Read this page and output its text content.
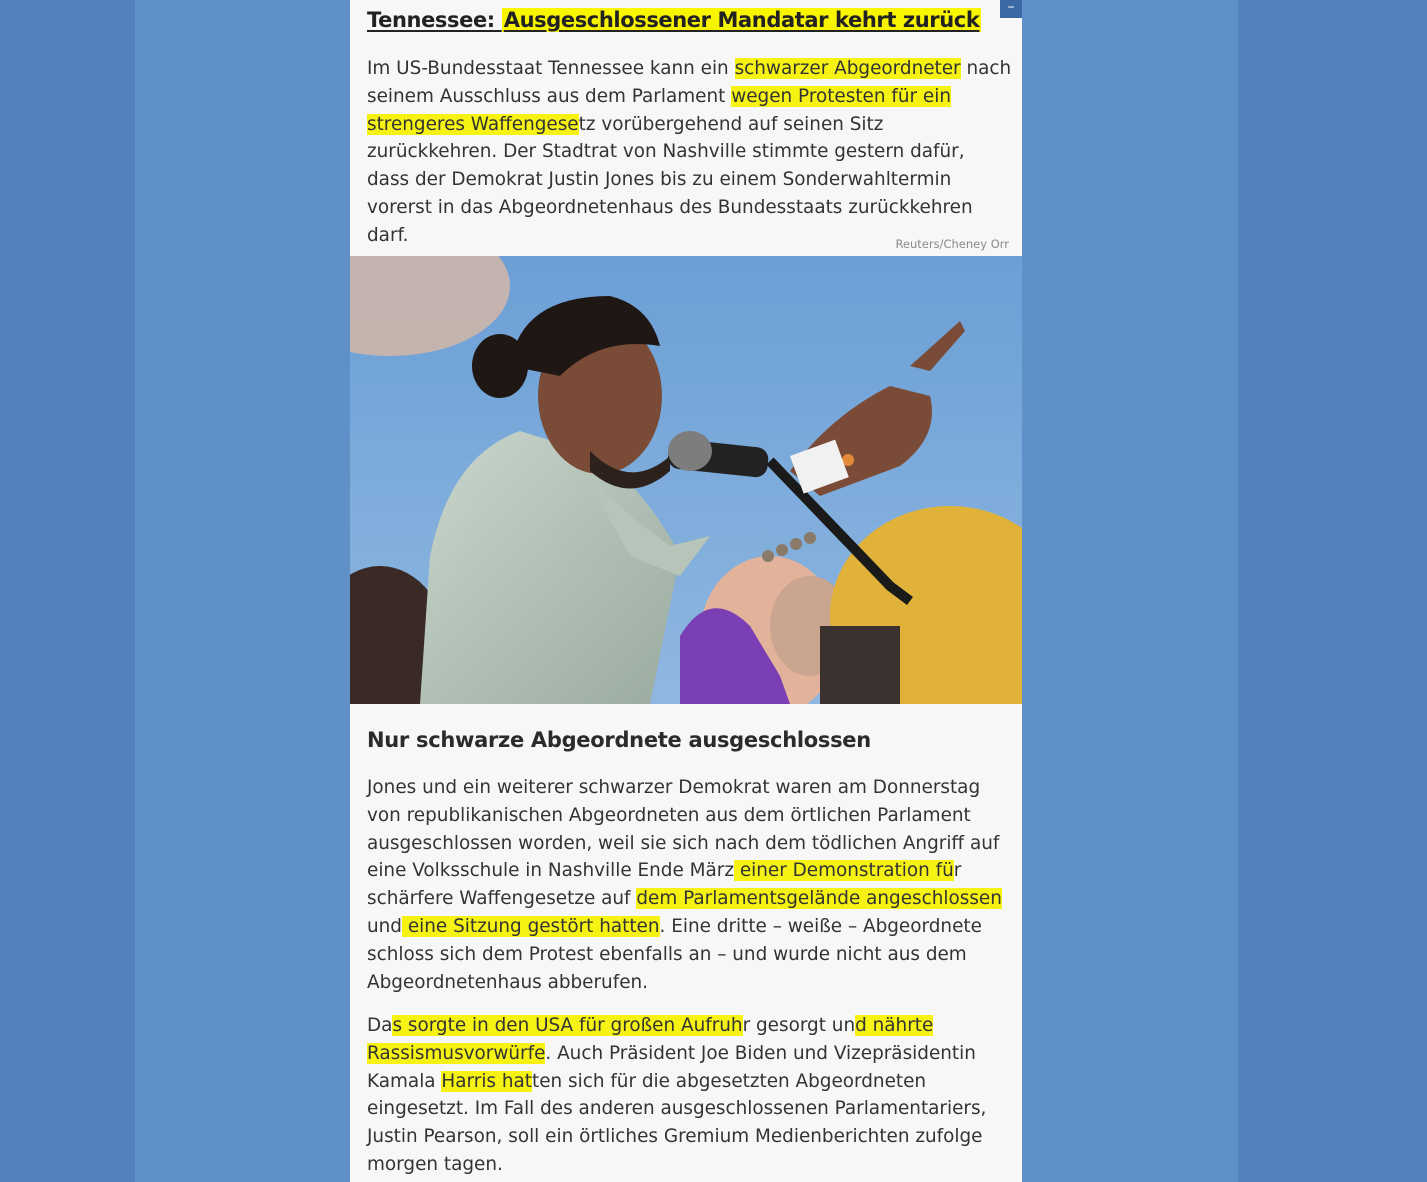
–
Tennessee: Ausgeschlossener Mandatar kehrt zurück

Im US-Bundesstaat Tennessee kann ein schwarzer Abgeordneter nach seinem Ausschluss aus dem Parlament wegen Protesten für ein strengeres Waffengesetz vorübergehend auf seinen Sitz zurückkehren. Der Stadtrat von Nashville stimmte gestern dafür, dass der Demokrat Justin Jones bis zu einem Sonderwahltermin vorerst in das Abgeordnetenhaus des Bundesstaats zurückkehren darf.	Reuters/Cheney Orr
Nur schwarze Abgeordnete ausgeschlossen

Jones und ein weiterer schwarzer Demokrat waren am Donnerstag von republikanischen Abgeordneten aus dem örtlichen Parlament ausgeschlossen worden, weil sie sich nach dem tödlichen Angriff auf eine Volksschule in Nashville Ende März einer Demonstration für schärfere Waffengesetze auf dem Parlamentsgelände angeschlossen und eine Sitzung gestört hatten. Eine dritte – weiße – Abgeordnete schloss sich dem Protest ebenfalls an – und wurde nicht aus dem Abgeordnetenhaus abberufen.

Das sorgte in den USA für großen Aufruhr gesorgt und nährte Rassismusvorwürfe. Auch Präsident Joe Biden und Vizepräsidentin Kamala Harris hatten sich für die abgesetzten Abgeordneten eingesetzt. Im Fall des anderen ausgeschlossenen Parlamentariers, Justin Pearson, soll ein örtliches Gremium Medienberichten zufolge morgen tagen.
